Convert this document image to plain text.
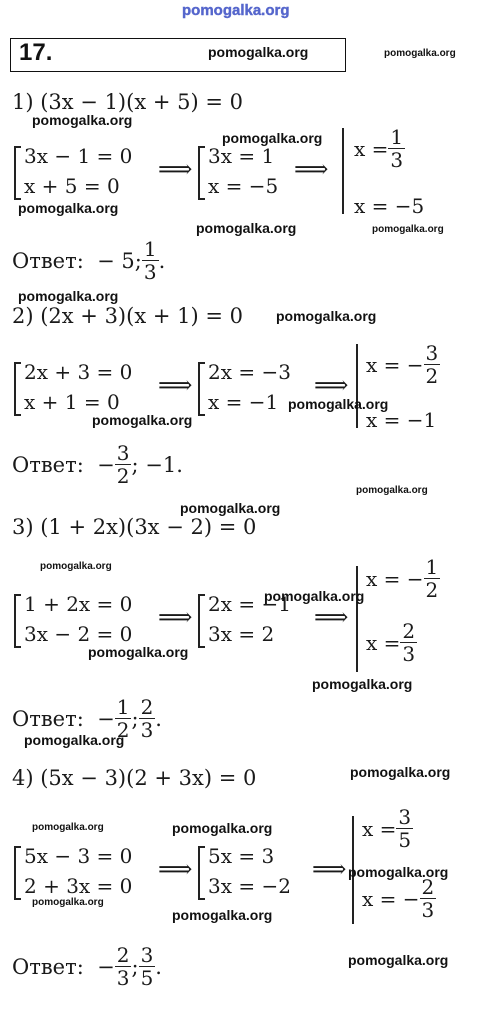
pomogalka.org
17.	pomogalka.org	pomogalka.org
1) (3x − 1)(x + 5) = 0
pomogalka.org
pomogalka.org
3x − 1 = 0
x + 5 = 0
⟹ 3x = 1
x = −5
⟹
$x = \frac{1}{3}$
x = −5
pomogalka.org
pomogalka.org	pomogalka.org
Ответ:
− 5; $\frac{1}{3}$ .
pomogalka.org
2) (2x + 3)(x + 1) = 0 pomogalka.org
2x + 3 = 0
x + 1 = 0
⟹ 2x = −3
x = −1
⟹
x = − $\frac{3}{2}$
x = −1
pomogalka.org
pomogalka.org
Ответ:
− $\frac{3}{2}$ ; −1.
pomogalka.org
pomogalka.org
3) (1 + 2x)(3x − 2) = 0
pomogalka.org
1 + 2x = 0
3x − 2 = 0
⟹ 2x = −1
3x = 2
⟹
x = − $\frac{1}{2}$
$x = \frac{2}{3}$
pomogalka.org
pomogalka.org
pomogalka.org
Ответ:
− $\frac{1}{2}$ ; $\frac{2}{3}$ .
pomogalka.org
4) (5x − 3)(2 + 3x) = 0	pomogalka.org
pomogalka.org	pomogalka.org
5x − 3 = 0
2 + 3x = 0
⟹ 5x = 3
3x = −2
⟹
$x = \frac{3}{5}$
x = − $\frac{2}{3}$
pomogalka.org
pomogalka.org
pomogalka.org
pomogalka.org
Ответ:
− $\frac{2}{3}$ ; $\frac{3}{5}$ .
